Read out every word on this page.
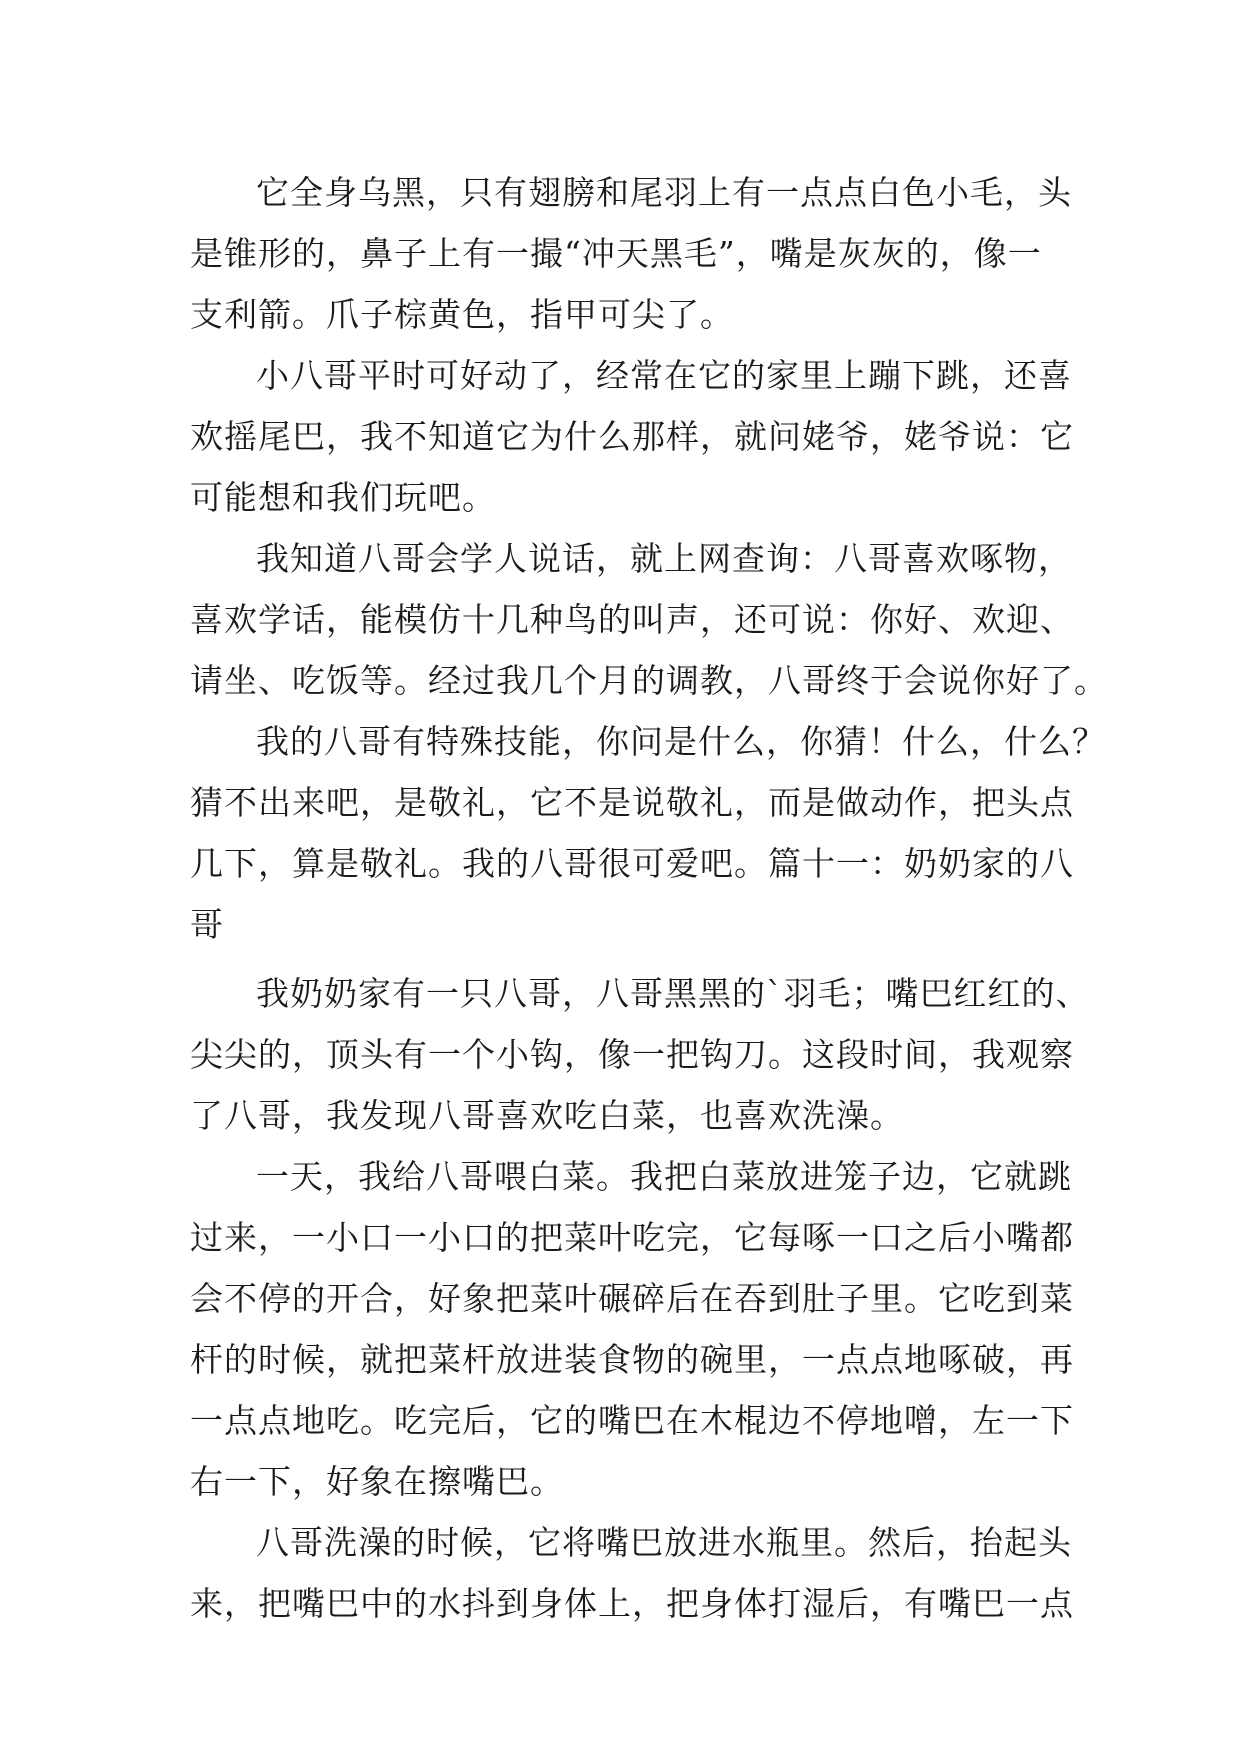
它全身乌黑，只有翅膀和尾羽上有一点点白色小毛，头
是锥形的，鼻子上有一撮“冲天黑毛”，嘴是灰灰的，像一
支利箭。爪子棕黄色，指甲可尖了。
小八哥平时可好动了，经常在它的家里上蹦下跳，还喜
欢摇尾巴，我不知道它为什么那样，就问姥爷，姥爷说：它
可能想和我们玩吧。
我知道八哥会学人说话，就上网查询：八哥喜欢啄物，
喜欢学话，能模仿十几种鸟的叫声，还可说：你好、欢迎、
请坐、吃饭等。经过我几个月的调教，八哥终于会说你好了。
我的八哥有特殊技能，你问是什么，你猜！什么，什么？
猜不出来吧，是敬礼，它不是说敬礼，而是做动作，把头点
几下，算是敬礼。我的八哥很可爱吧。篇十一：奶奶家的八
哥
我奶奶家有一只八哥，八哥黑黑的`羽毛；嘴巴红红的、
尖尖的，顶头有一个小钩，像一把钩刀。这段时间，我观察
了八哥，我发现八哥喜欢吃白菜，也喜欢洗澡。
一天，我给八哥喂白菜。我把白菜放进笼子边，它就跳
过来，一小口一小口的把菜叶吃完，它每啄一口之后小嘴都
会不停的开合，好象把菜叶碾碎后在吞到肚子里。它吃到菜
杆的时候，就把菜杆放进装食物的碗里，一点点地啄破，再
一点点地吃。吃完后，它的嘴巴在木棍边不停地噌，左一下
右一下，好象在擦嘴巴。
八哥洗澡的时候，它将嘴巴放进水瓶里。然后，抬起头
来，把嘴巴中的水抖到身体上，把身体打湿后，有嘴巴一点
